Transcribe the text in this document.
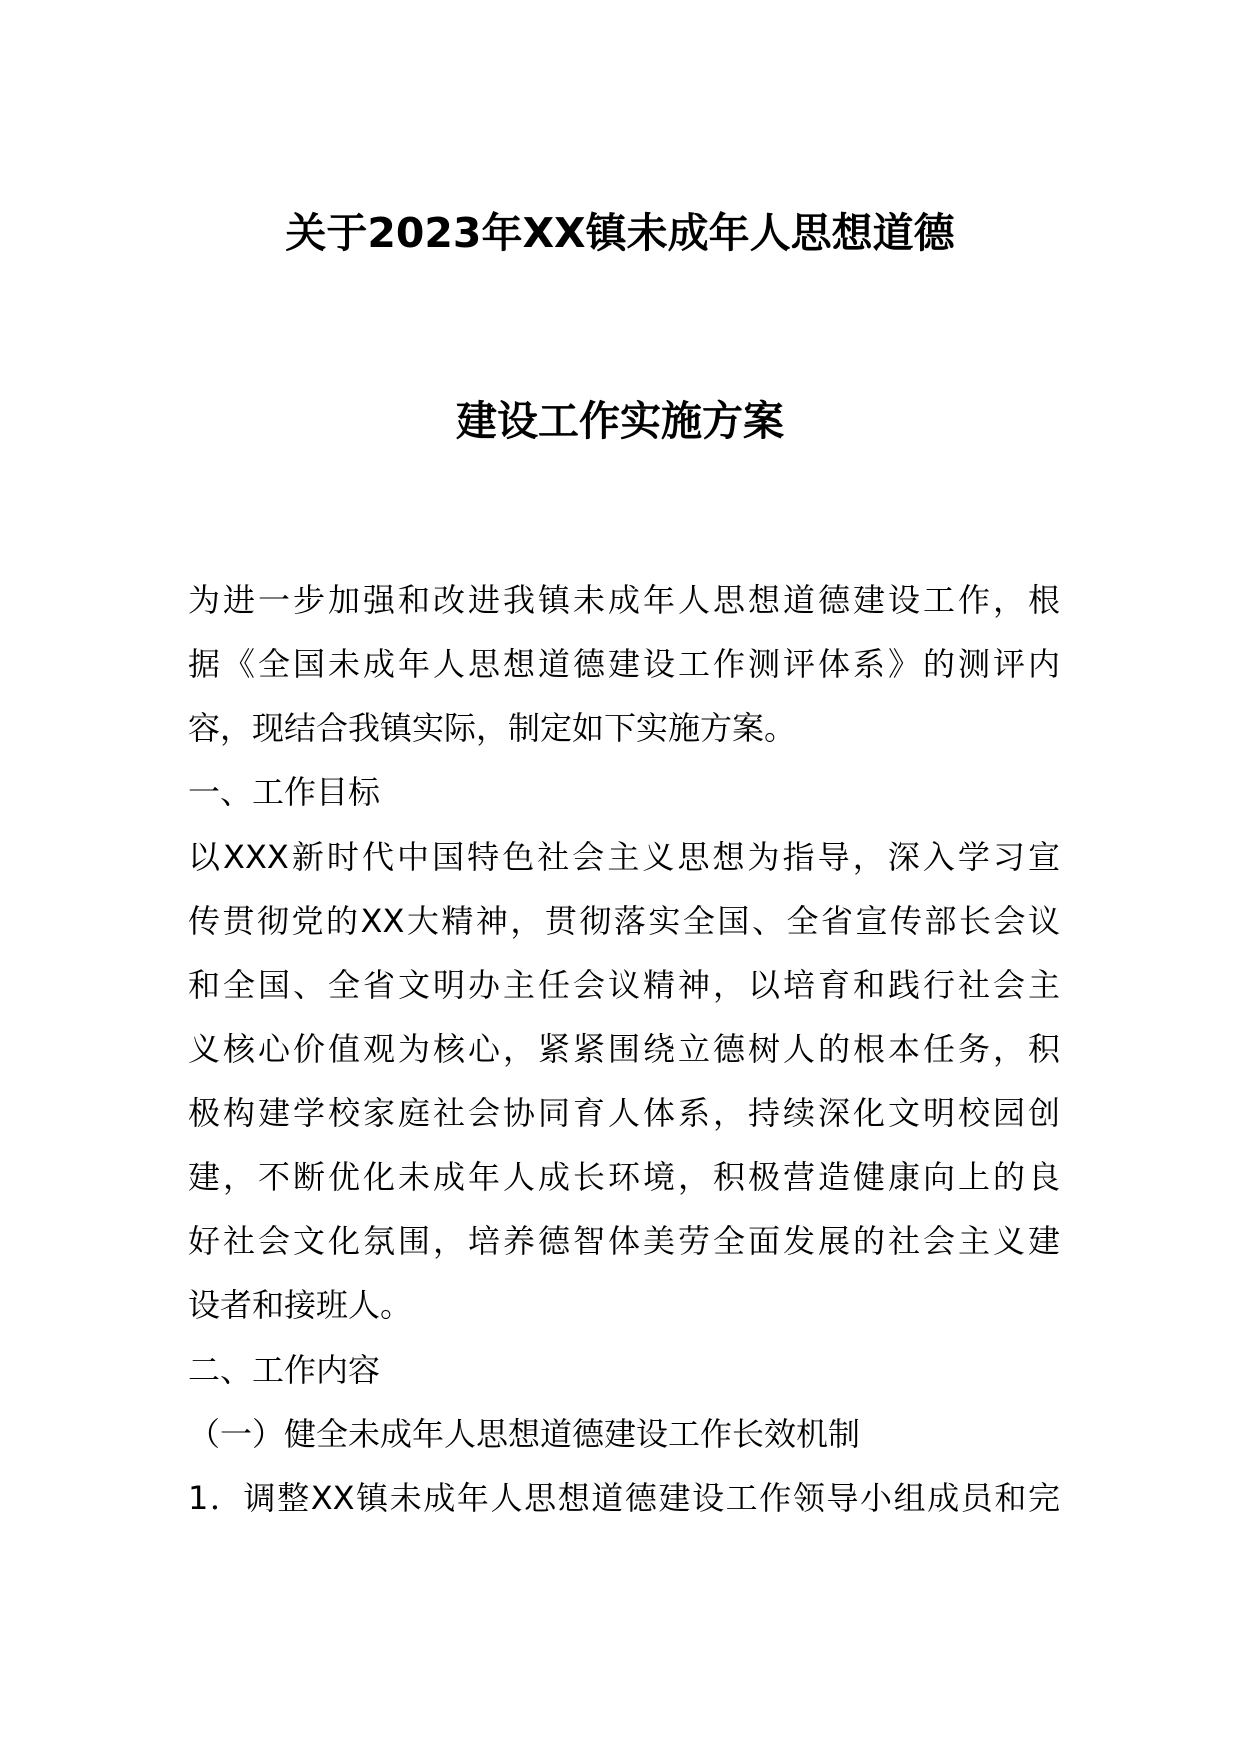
关于2023年XX镇未成年人思想道德
建设工作实施方案
为进一步加强和改进我镇未成年人思想道德建设工作，根
据《全国未成年人思想道德建设工作测评体系》的测评内
容，现结合我镇实际，制定如下实施方案。
一、工作目标
以XXX新时代中国特色社会主义思想为指导，深入学习宣
传贯彻党的XX大精神，贯彻落实全国、全省宣传部长会议
和全国、全省文明办主任会议精神，以培育和践行社会主
义核心价值观为核心，紧紧围绕立德树人的根本任务，积
极构建学校家庭社会协同育人体系，持续深化文明校园创
建，不断优化未成年人成长环境，积极营造健康向上的良
好社会文化氛围，培养德智体美劳全面发展的社会主义建
设者和接班人。
二、工作内容
（一）健全未成年人思想道德建设工作长效机制
1．调整XX镇未成年人思想道德建设工作领导小组成员和完
